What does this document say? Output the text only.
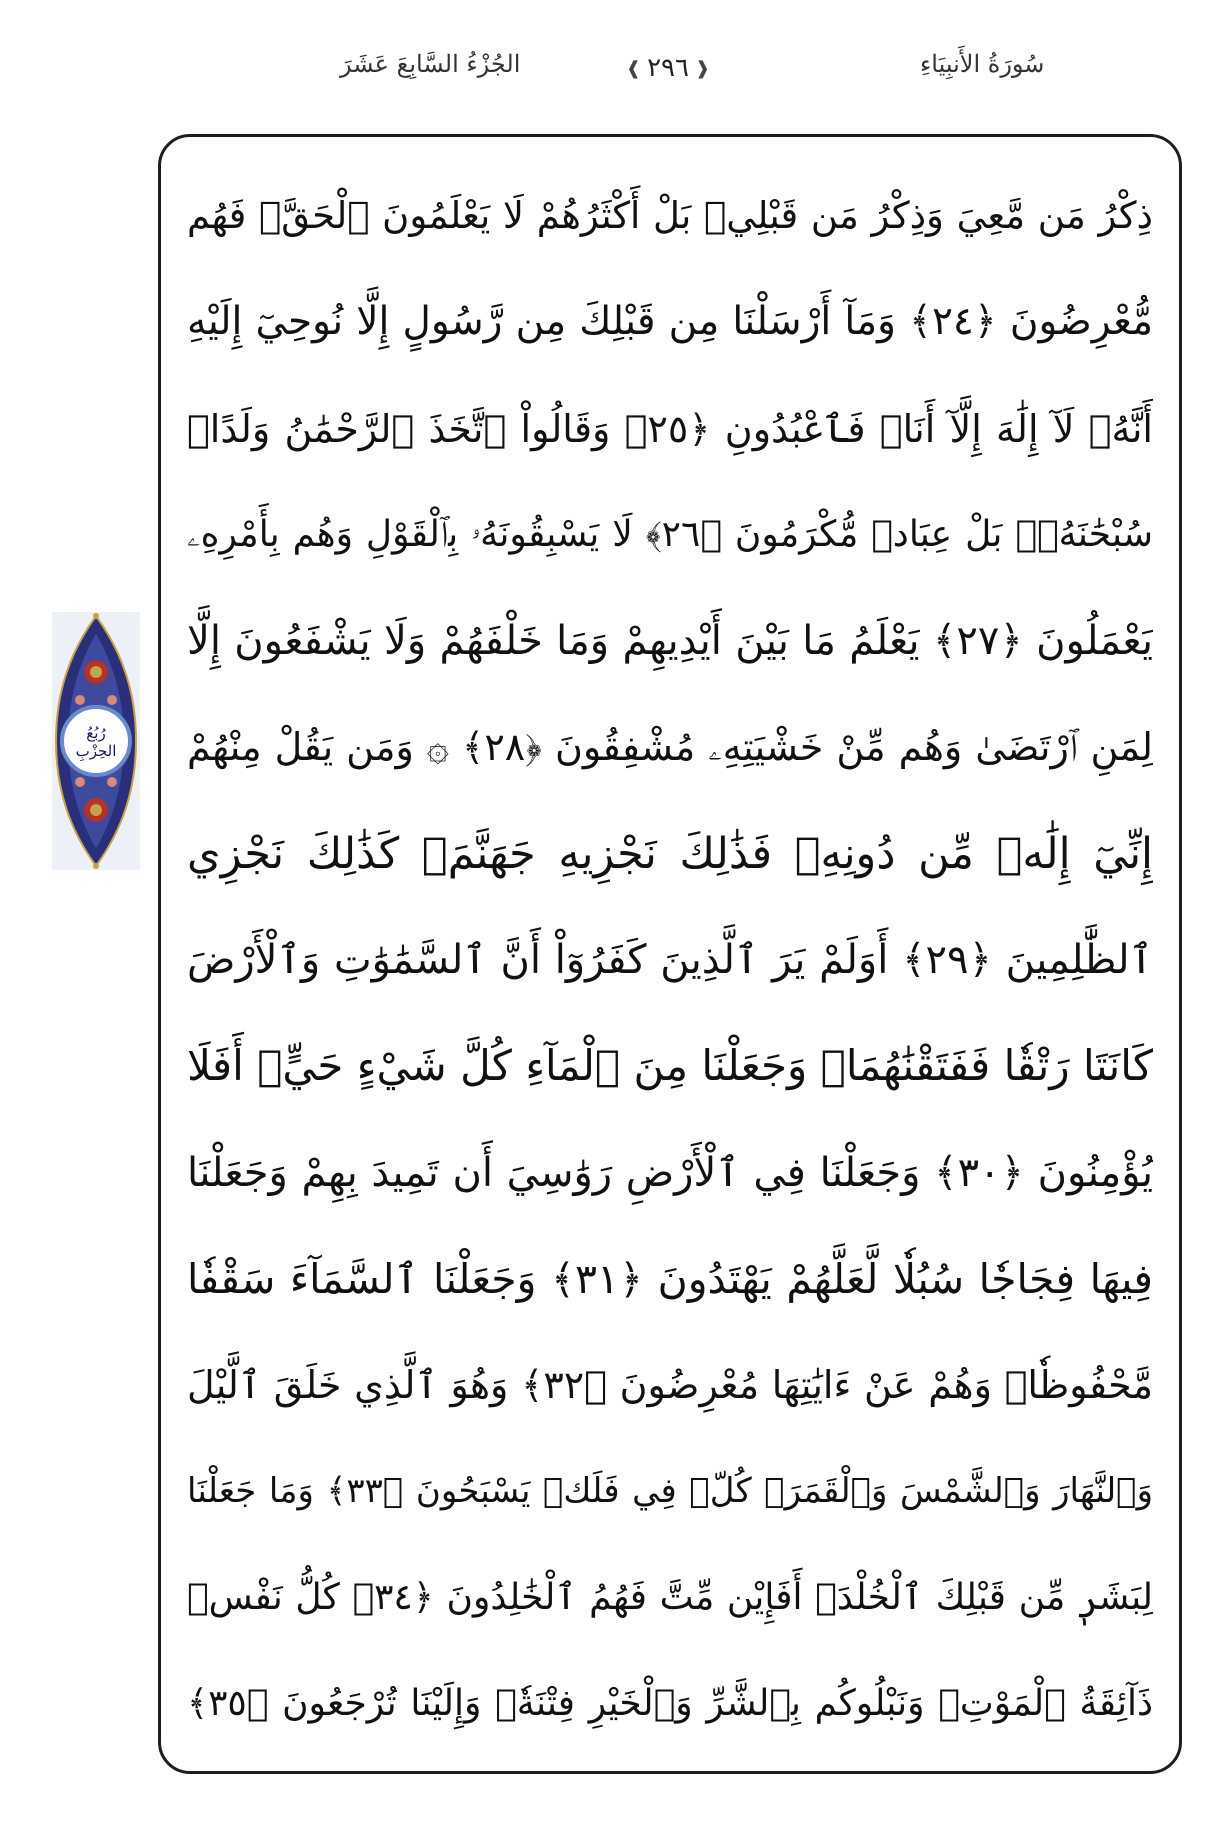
سُورَةُ الأَنبِيَاءِ
❰ ٢٩٦ ❱
الجُزْءُ السَّابِعَ عَشَرَ
رُبُعُ
الحِزْبِ
ذِكْرُ مَن مَّعِيَ وَذِكْرُ مَن قَبْلِيۗ بَلْ أَكْثَرُهُمْ لَا يَعْلَمُونَ ٱلْحَقَّۖ فَهُم
مُّعْرِضُونَ ﴿٢٤﴾ وَمَآ أَرْسَلْنَا مِن قَبْلِكَ مِن رَّسُولٍ إِلَّا نُوحِيٓ إِلَيْهِ
أَنَّهُۥ لَآ إِلَٰهَ إِلَّآ أَنَا۠ فَٱعْبُدُونِ ﴿٢٥﴾ وَقَالُواْ ٱتَّخَذَ ٱلرَّحْمَٰنُ وَلَدًاۗ
سُبْحَٰنَهُۥۚ بَلْ عِبَادٞ مُّكْرَمُونَ ﴿٢٦﴾ لَا يَسْبِقُونَهُۥ بِٱلْقَوْلِ وَهُم بِأَمْرِهِۦ
يَعْمَلُونَ ﴿٢٧﴾ يَعْلَمُ مَا بَيْنَ أَيْدِيهِمْ وَمَا خَلْفَهُمْ وَلَا يَشْفَعُونَ إِلَّا
لِمَنِ ٱرْتَضَىٰ وَهُم مِّنْ خَشْيَتِهِۦ مُشْفِقُونَ ﴿٢٨﴾ ۞ وَمَن يَقُلْ مِنْهُمْ
إِنِّيٓ إِلَٰهٞ مِّن دُونِهِۦ فَذَٰلِكَ نَجْزِيهِ جَهَنَّمَۚ كَذَٰلِكَ نَجْزِي
ٱلظَّٰلِمِينَ ﴿٢٩﴾ أَوَلَمْ يَرَ ٱلَّذِينَ كَفَرُوٓاْ أَنَّ ٱلسَّمَٰوَٰتِ وَٱلْأَرْضَ
كَانَتَا رَتْقٗا فَفَتَقْنَٰهُمَاۖ وَجَعَلْنَا مِنَ ٱلْمَآءِ كُلَّ شَيْءٍ حَيٍّۚ أَفَلَا
يُؤْمِنُونَ ﴿٣٠﴾ وَجَعَلْنَا فِي ٱلْأَرْضِ رَوَٰسِيَ أَن تَمِيدَ بِهِمْ وَجَعَلْنَا
فِيهَا فِجَاجٗا سُبُلٗا لَّعَلَّهُمْ يَهْتَدُونَ ﴿٣١﴾ وَجَعَلْنَا ٱلسَّمَآءَ سَقْفٗا
مَّحْفُوظٗاۖ وَهُمْ عَنْ ءَايَٰتِهَا مُعْرِضُونَ ﴿٣٢﴾ وَهُوَ ٱلَّذِي خَلَقَ ٱلَّيْلَ
وَٱلنَّهَارَ وَٱلشَّمْسَ وَٱلْقَمَرَۖ كُلّٞ فِي فَلَكٖ يَسْبَحُونَ ﴿٣٣﴾ وَمَا جَعَلْنَا
لِبَشَرٖ مِّن قَبْلِكَ ٱلْخُلْدَۖ أَفَإِيْن مِّتَّ فَهُمُ ٱلْخَٰلِدُونَ ﴿٣٤﴾ كُلُّ نَفْسٖ
ذَآئِقَةُ ٱلْمَوْتِۗ وَنَبْلُوكُم بِٱلشَّرِّ وَٱلْخَيْرِ فِتْنَةٗۖ وَإِلَيْنَا تُرْجَعُونَ ﴿٣٥﴾
